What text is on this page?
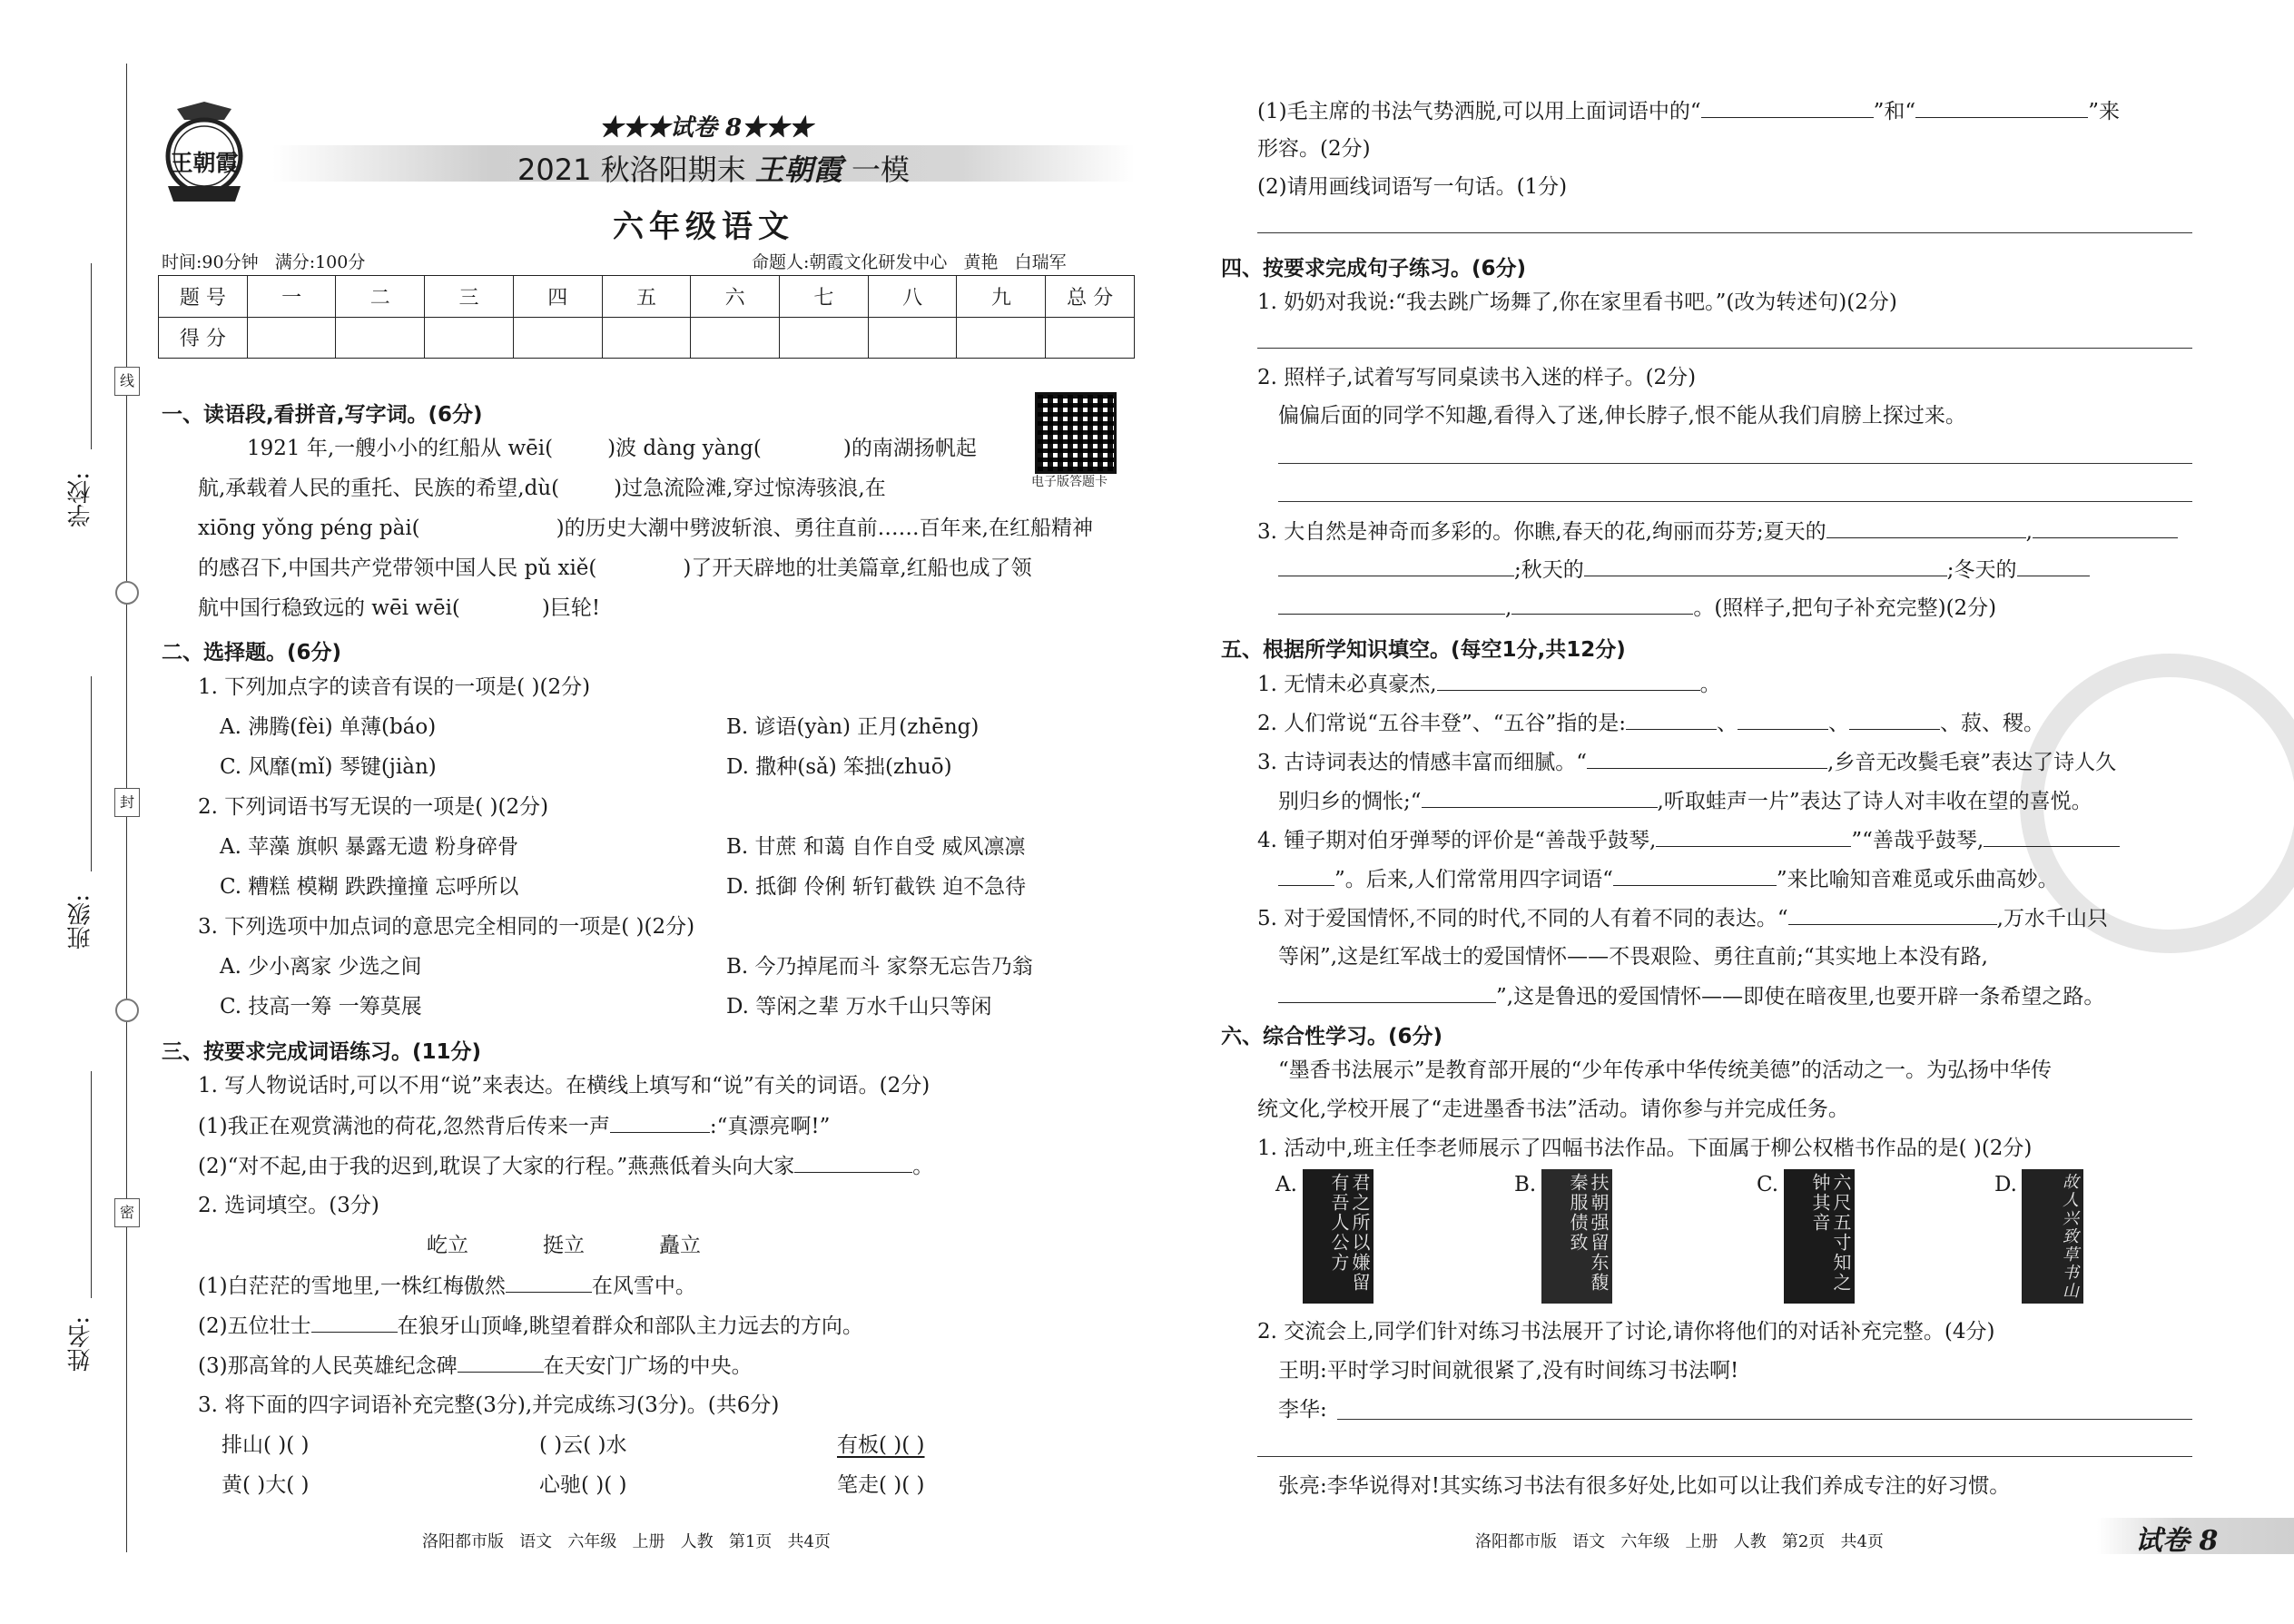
学校:
班级:
姓名:
线
封
密
王朝霞
★★★试卷 8★★★
2021 秋洛阳期末 王朝霞 一模
六年级语文
时间:90分钟   满分:100分	命题人:朝霞文化研发中心   黄艳   白瑞军
题 号	一	二	三	四	五	六	七	八	九	总 分
得 分										
电子版答题卡
一、读语段,看拼音,写字词。(6分)
1921 年,一艘小小的红船从 wēi(	)波 dàng yàng(	)的南湖扬帆起
航,承载着人民的重托、民族的希望,dù(	)过急流险滩,穿过惊涛骇浪,在
xiōng yǒng péng pài(	)的历史大潮中劈波斩浪、勇往直前……百年来,在红船精神
的感召下,中国共产党带领中国人民 pǔ xiě(	)了开天辟地的壮美篇章,红船也成了领
航中国行稳致远的 wēi wēi(	)巨轮!
二、选择题。(6分)
1. 下列加点字的读音有误的一项是( )(2分)
A. 沸腾(fèi) 单薄(báo)	B. 谚语(yàn) 正月(zhēng)
C. 风靡(mǐ) 琴键(jiàn)	D. 撒种(sǎ) 笨拙(zhuō)
2. 下列词语书写无误的一项是( )(2分)
A. 苹藻 旗帜 暴露无遗 粉身碎骨	B. 甘蔗 和蔼 自作自受 威风凛凛
C. 糟糕 模糊 跌跌撞撞 忘呼所以	D. 抵御 伶俐 斩钉截铁 迫不急待
3. 下列选项中加点词的意思完全相同的一项是( )(2分)
A. 少小离家 少选之间	B. 今乃掉尾而斗 家祭无忘告乃翁
C. 技高一筹 一筹莫展	D. 等闲之辈 万水千山只等闲
三、按要求完成词语练习。(11分)
1. 写人物说话时,可以不用“说”来表达。在横线上填写和“说”有关的词语。(2分)
(1)我正在观赏满池的荷花,忽然背后传来一声	:“真漂亮啊!”
(2)“对不起,由于我的迟到,耽误了大家的行程。”燕燕低着头向大家	。
2. 选词填空。(3分)
屹立	挺立	矗立
(1)白茫茫的雪地里,一株红梅傲然	在风雪中。
(2)五位壮士	在狼牙山顶峰,眺望着群众和部队主力远去的方向。
(3)那高耸的人民英雄纪念碑	在天安门广场的中央。
3. 将下面的四字词语补充完整(3分),并完成练习(3分)。(共6分)
排山( )( )	( )云( )水	有板( )( )
黄( )大( )	心驰( )( )	笔走( )( )
洛阳都市版   语文   六年级   上册   人教   第1页   共4页
(1)毛主席的书法气势洒脱,可以用上面词语中的“	”和“	”来
形容。(2分)
(2)请用画线词语写一句话。(1分)
四、按要求完成句子练习。(6分)
1. 奶奶对我说:“我去跳广场舞了,你在家里看书吧。”(改为转述句)(2分)
2. 照样子,试着写写同桌读书入迷的样子。(2分)
偏偏后面的同学不知趣,看得入了迷,伸长脖子,恨不能从我们肩膀上探过来。
3. 大自然是神奇而多彩的。你瞧,春天的花,绚丽而芬芳;夏天的	,
;秋天的	;冬天的
,	。(照样子,把句子补充完整)(2分)
五、根据所学知识填空。(每空1分,共12分)
1. 无情未必真豪杰,	。
2. 人们常说“五谷丰登”、“五谷”指的是:	、	、	、菽、稷。
3. 古诗词表达的情感丰富而细腻。“	,乡音无改鬓毛衰”表达了诗人久
别归乡的惆怅;“	,听取蛙声一片”表达了诗人对丰收在望的喜悦。
4. 锺子期对伯牙弹琴的评价是“善哉乎鼓琴,	”“善哉乎鼓琴,
”。后来,人们常常用四字词语“	”来比喻知音难觅或乐曲高妙。
5. 对于爱国情怀,不同的时代,不同的人有着不同的表达。“	,万水千山只
等闲”,这是红军战士的爱国情怀——不畏艰险、勇往直前;“其实地上本没有路,
”,这是鲁迅的爱国情怀——即使在暗夜里,也要开辟一条希望之路。
六、综合性学习。(6分)
“墨香书法展示”是教育部开展的“少年传承中华传统美德”的活动之一。为弘扬中华传
统文化,学校开展了“走进墨香书法”活动。请你参与并完成任务。
1. 活动中,班主任李老师展示了四幅书法作品。下面属于柳公权楷书作品的是( )(2分)
A.	君之所以嫌留有吾人公方	B.	扶朝强留东馥秦服债致	C.	六尺五寸知之钟其音	D.	故人兴致草书山
2. 交流会上,同学们针对练习书法展开了讨论,请你将他们的对话补充完整。(4分)
王明:平时学习时间就很紧了,没有时间练习书法啊!
李华:
张亮:李华说得对!其实练习书法有很多好处,比如可以让我们养成专注的好习惯。
洛阳都市版   语文   六年级   上册   人教   第2页   共4页	试卷 8
